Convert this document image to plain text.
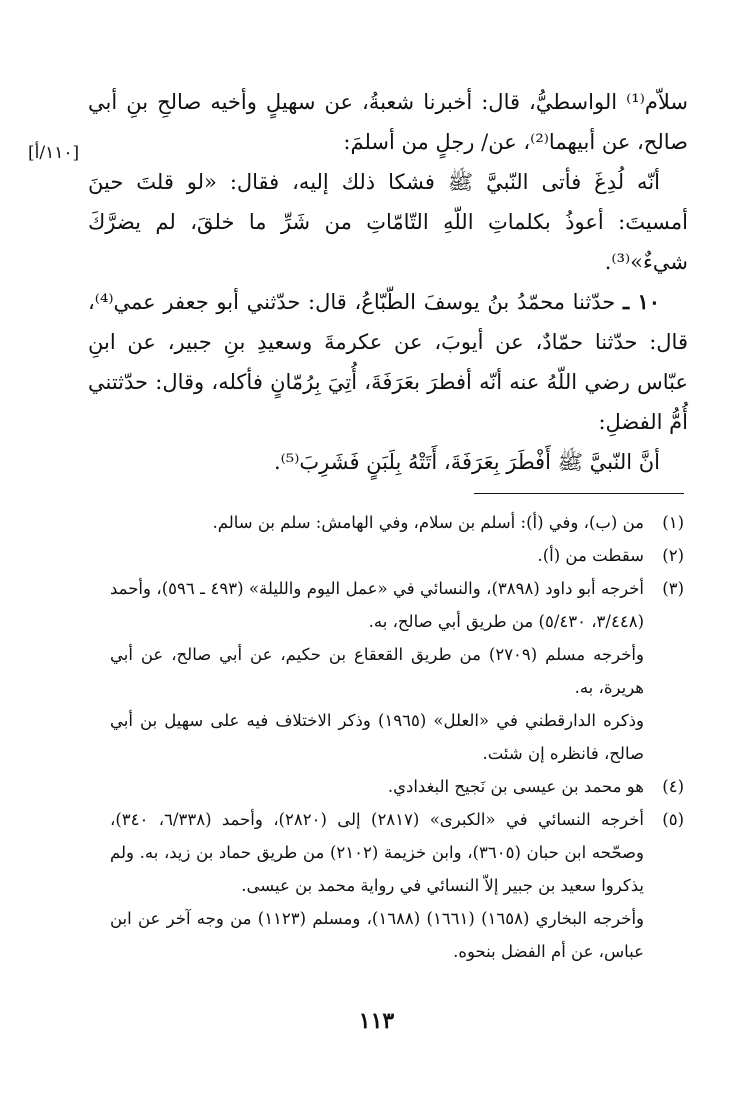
سلاّم⁽¹⁾ الواسطيُّ، قال: أخبرنا شعبةُ، عن سهيلٍ وأخيه صالحِ بنِ أبي صالح، عن أبيهما⁽²⁾، عن/ رجلٍ من أسلمَ:

أنّه لُدِغَ فأتى النّبيَّ ﷺ فشكا ذلك إليه، فقال: «لو قلتَ حينَ أمسيتَ: أعوذُ بكلماتِ اللّهِ التّامّاتِ من شَرِّ ما خلقَ، لم يضرَّكَ شيءٌ»⁽³⁾.

١٠ ـ حدّثنا محمّدُ بنُ يوسفَ الطّبّاعُ، قال: حدّثني أبو جعفر عمي⁽⁴⁾، قال: حدّثنا حمّادٌ، عن أيوبَ، عن عكرمةَ وسعيدِ بنِ جبير، عن ابنِ عبّاس رضي اللّهُ عنه أنّه أفطرَ بعَرَفَةَ، أُتِيَ بِرُمّانٍ فأكله، وقال: حدّثتني أُمُّ الفضلِ:

أنَّ النّبيَّ ﷺ أَفْطَرَ بِعَرَفَةَ، أَتَتْهُ بِلَبَنٍ فَشَرِبَ⁽⁵⁾.

[١١٠/أ]
(١)

من (ب)، وفي (أ): أسلم بن سلام، وفي الهامش: سلم بن سالم.

(٢)

سقطت من (أ).

(٣)

أخرجه أبو داود (٣٨٩٨)، والنسائي في «عمل اليوم والليلة» (٤٩٣ ـ ٥٩٦)، وأحمد (٣/٤٤٨، ٥/٤٣٠) من طريق أبي صالح، به.

وأخرجه مسلم (٢٧٠٩) من طريق القعقاع بن حكيم، عن أبي صالح، عن أبي هريرة، به.

وذكره الدارقطني في «العلل» (١٩٦٥) وذكر الاختلاف فيه على سهيل بن أبي صالح، فانظره إن شئت.

(٤)

هو محمد بن عيسى بن نَجيح البغدادي.

(٥)

أخرجه النسائي في «الكبرى» (٢٨١٧) إلى (٢٨٢٠)، وأحمد (٦/٣٣٨، ٣٤٠)، وصحّحه ابن حبان (٣٦٠٥)، وابن خزيمة (٢١٠٢) من طريق حماد بن زيد، به. ولم يذكروا سعيد بن جبير إلاّ النسائي في رواية محمد بن عيسى.

وأخرجه البخاري (١٦٥٨) (١٦٦١) (١٦٨٨)، ومسلم (١١٢٣) من وجه آخر عن ابن عباس، عن أم الفضل بنحوه.

١١٣
